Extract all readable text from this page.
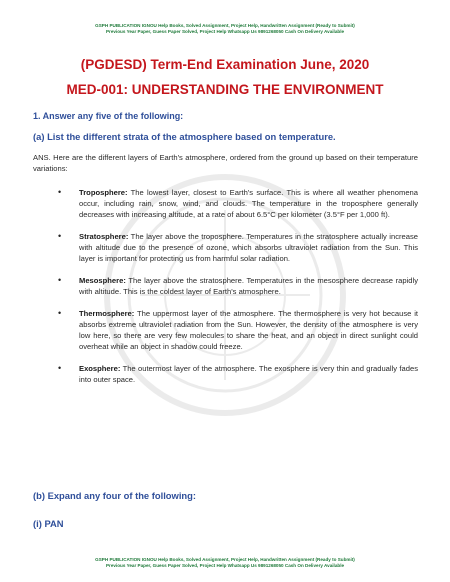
GSPH PUBLICATION IGNOU Help Books, Solved Assignment, Project Help, Handwritten Assignment (Ready to Submit)
Previous Year Paper, Guess Paper Solved, Project Help Whatsapp Us 9891268050 Cash On Delivery Available
(PGDESD) Term-End Examination June, 2020
MED-001: UNDERSTANDING THE ENVIRONMENT
1. Answer any five of the following:
(a) List the different strata of the atmosphere based on temperature.
ANS. Here are the different layers of Earth's atmosphere, ordered from the ground up based on their temperature variations:
• Troposphere: The lowest layer, closest to Earth's surface. This is where all weather phenomena occur, including rain, snow, wind, and clouds. The temperature in the troposphere generally decreases with increasing altitude, at a rate of about 6.5°C per kilometer (3.5°F per 1,000 ft).
• Stratosphere: The layer above the troposphere. Temperatures in the stratosphere actually increase with altitude due to the presence of ozone, which absorbs ultraviolet radiation from the Sun. This layer is important for protecting us from harmful solar radiation.
• Mesosphere: The layer above the stratosphere. Temperatures in the mesosphere decrease rapidly with altitude. This is the coldest layer of Earth's atmosphere.
• Thermosphere: The uppermost layer of the atmosphere. The thermosphere is very hot because it absorbs extreme ultraviolet radiation from the Sun. However, the density of the atmosphere is very low here, so there are very few molecules to share the heat, and an object in direct sunlight could overheat while an object in shadow could freeze.
• Exosphere: The outermost layer of the atmosphere. The exosphere is very thin and gradually fades into outer space.
(b) Expand any four of the following:
(i) PAN
GSPH PUBLICATION IGNOU Help Books, Solved Assignment, Project Help, Handwritten Assignment (Ready to Submit)
Previous Year Paper, Guess Paper Solved, Project Help Whatsapp Us 9891268050 Cash On Delivery Available
